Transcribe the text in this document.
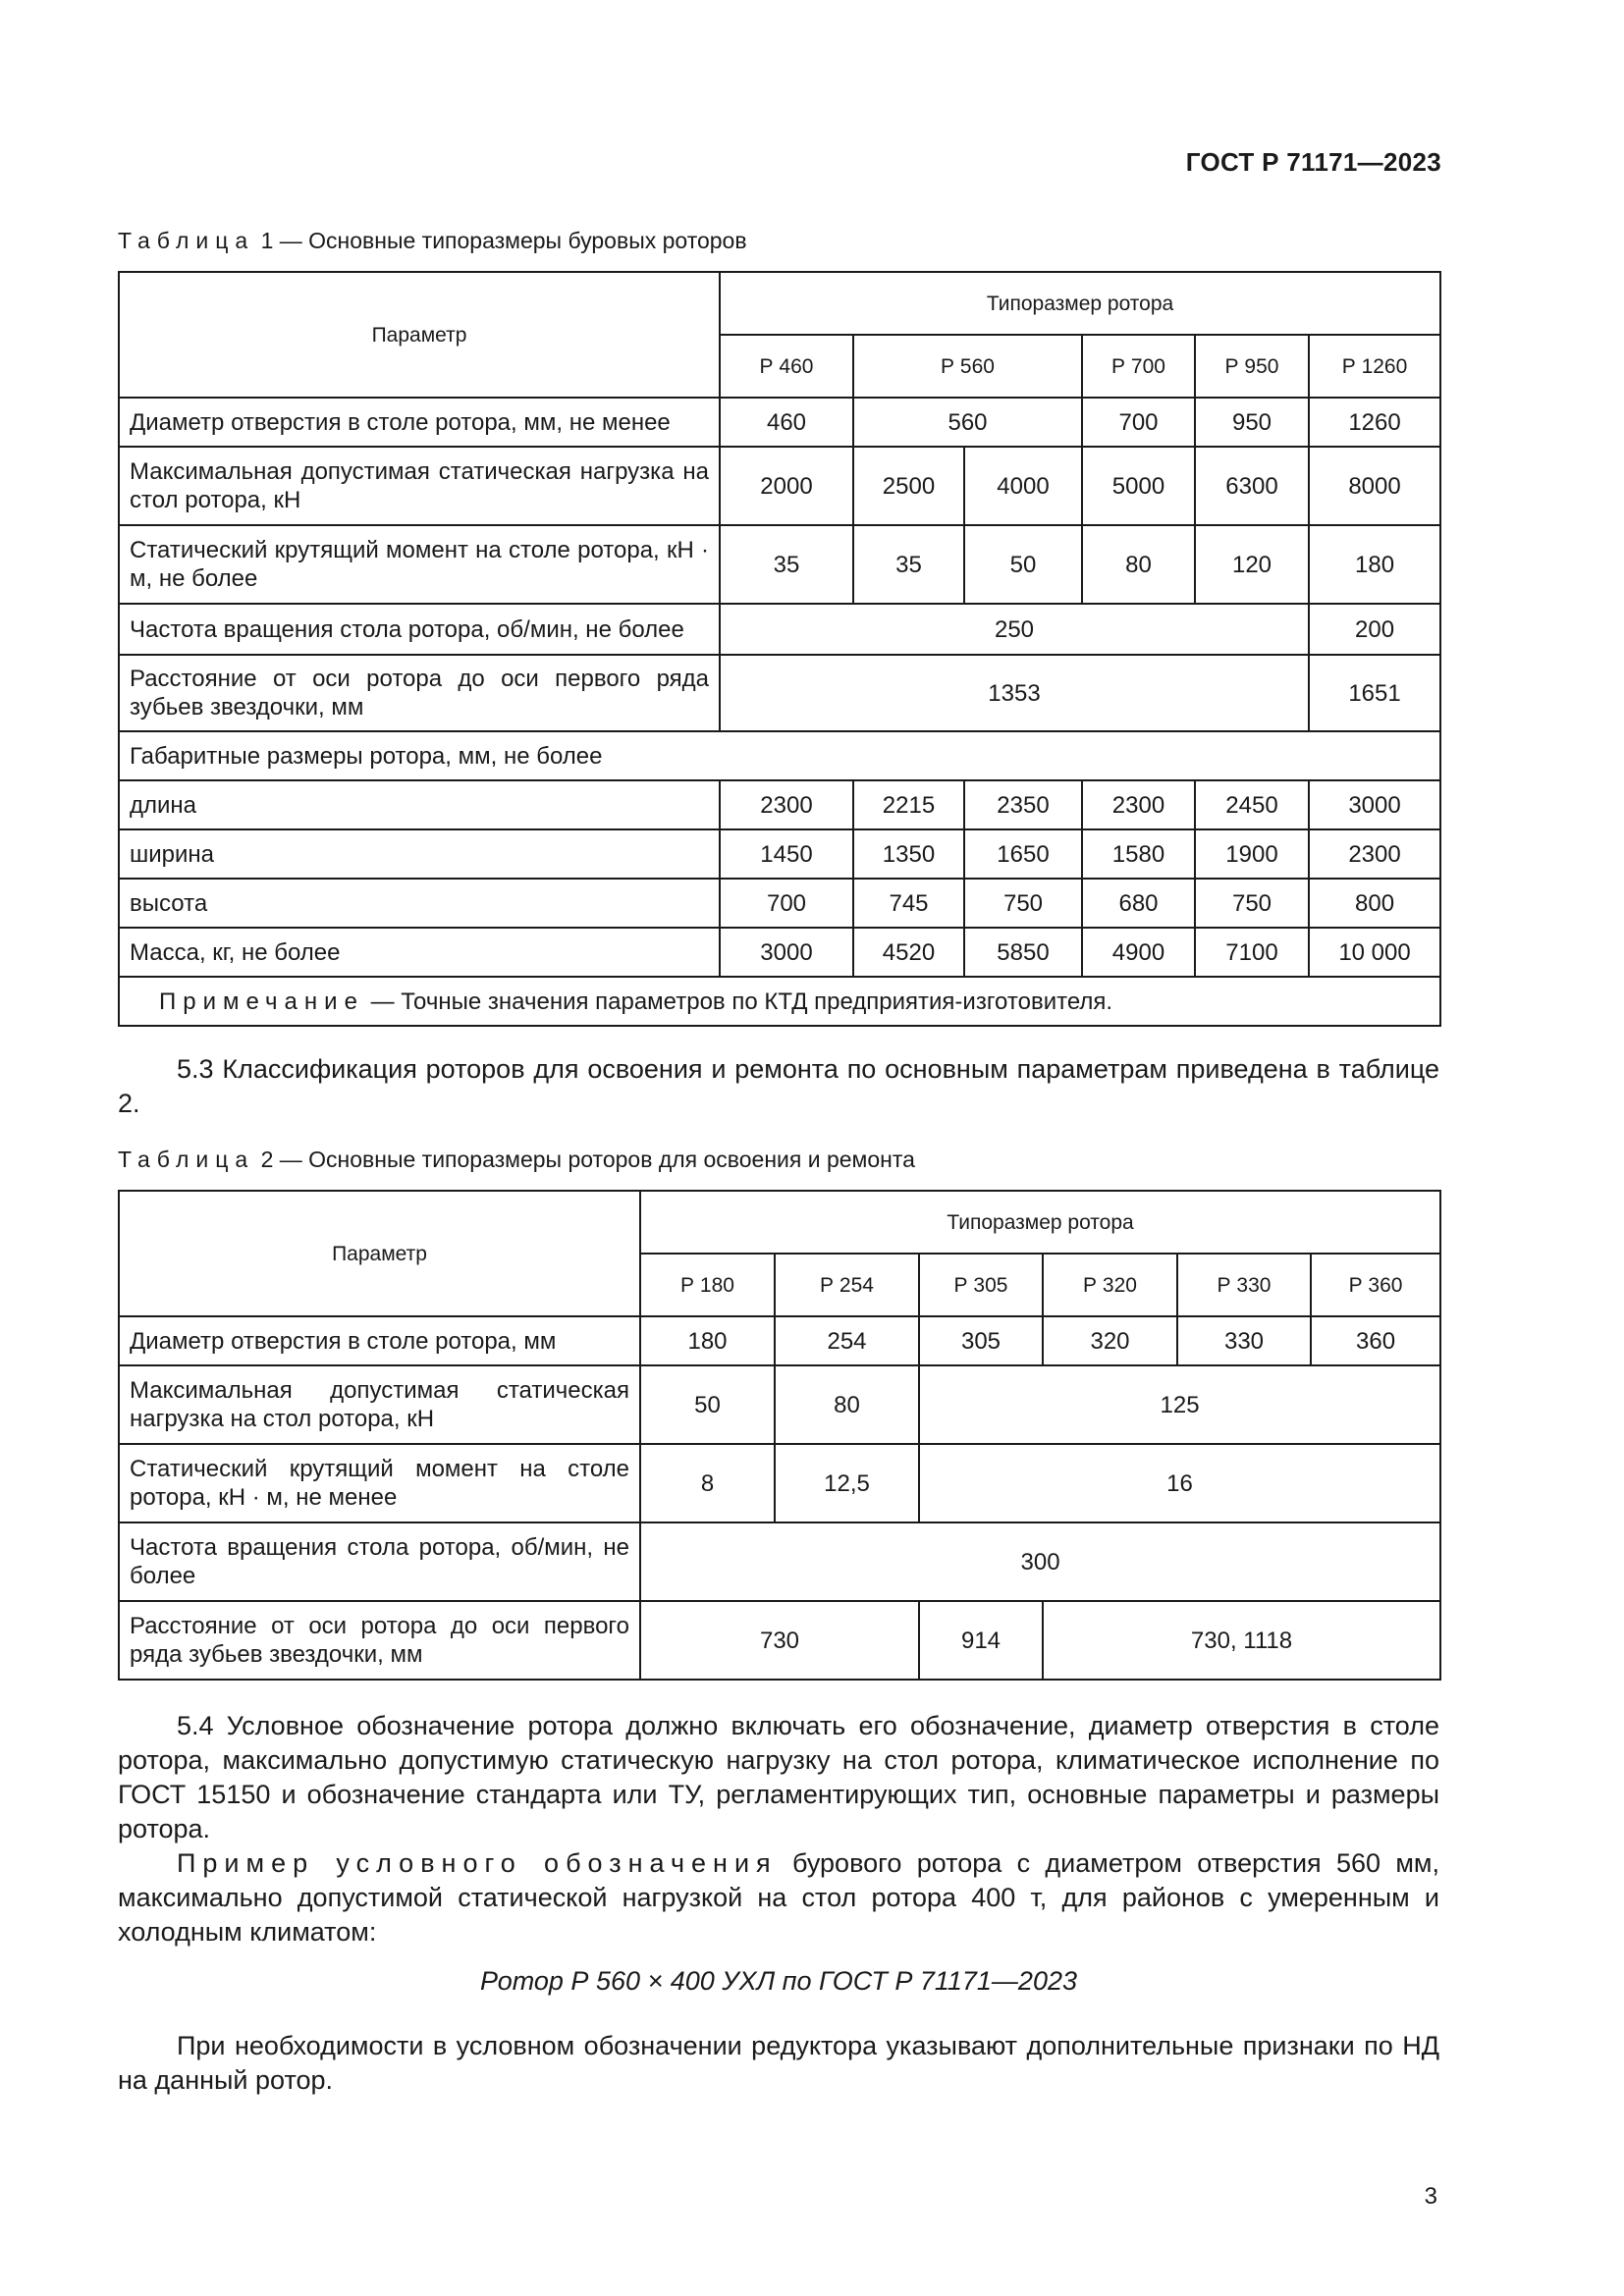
ГОСТ Р 71171—2023
Таблица 1 — Основные типоразмеры буровых роторов
Параметр	Типоразмер ротора					
	Р 460	Р 560		Р 700	Р 950	Р 1260
Диаметр отверстия в столе ротора, мм, не менее	460	560		700	950	1260
Максимальная допустимая статическая нагрузка на стол ротора, кН	2000	2500	4000	5000	6300	8000
Статический крутящий момент на столе ротора, кН · м, не более	35	35	50	80	120	180
Частота вращения стола ротора, об/мин, не более	250					200
Расстояние от оси ротора до оси первого ряда зубьев звездочки, мм	1353					1651
Габаритные размеры ротора, мм, не более						
длина	2300	2215	2350	2300	2450	3000
ширина	1450	1350	1650	1580	1900	2300
высота	700	745	750	680	750	800
Масса, кг, не более	3000	4520	5850	4900	7100	10 000
Примечание — Точные значения параметров по КТД предприятия-изготовителя.						

5.3 Классификация роторов для освоения и ремонта по основным параметрам приведена в таблице 2.

Таблица 2 — Основные типоразмеры роторов для освоения и ремонта
Параметр	Типоразмер ротора					
	Р 180	Р 254	Р 305	Р 320	Р 330	Р 360
Диаметр отверстия в столе ротора, мм	180	254	305	320	330	360
Максимальная допустимая статическая нагрузка на стол ротора, кН	50	80	125			
Статический крутящий момент на столе ротора, кН · м, не менее	8	12,5	16			
Частота вращения стола ротора, об/мин, не более	300					
Расстояние от оси ротора до оси первого ряда зубьев звездочки, мм	730		914	730, 1118		

5.4 Условное обозначение ротора должно включать его обозначение, диаметр отверстия в столе ротора, максимально допустимую статическую нагрузку на стол ротора, климатическое исполнение по ГОСТ 15150 и обозначение стандарта или ТУ, регламентирующих тип, основные параметры и размеры ротора.

Пример условного обозначения бурового ротора с диаметром отверстия 560 мм, максимально допустимой статической нагрузкой на стол ротора 400 т, для районов с умеренным и холодным климатом:

Ротор Р 560 × 400 УХЛ по ГОСТ Р 71171—2023

При необходимости в условном обозначении редуктора указывают дополнительные признаки по НД на данный ротор.

3
